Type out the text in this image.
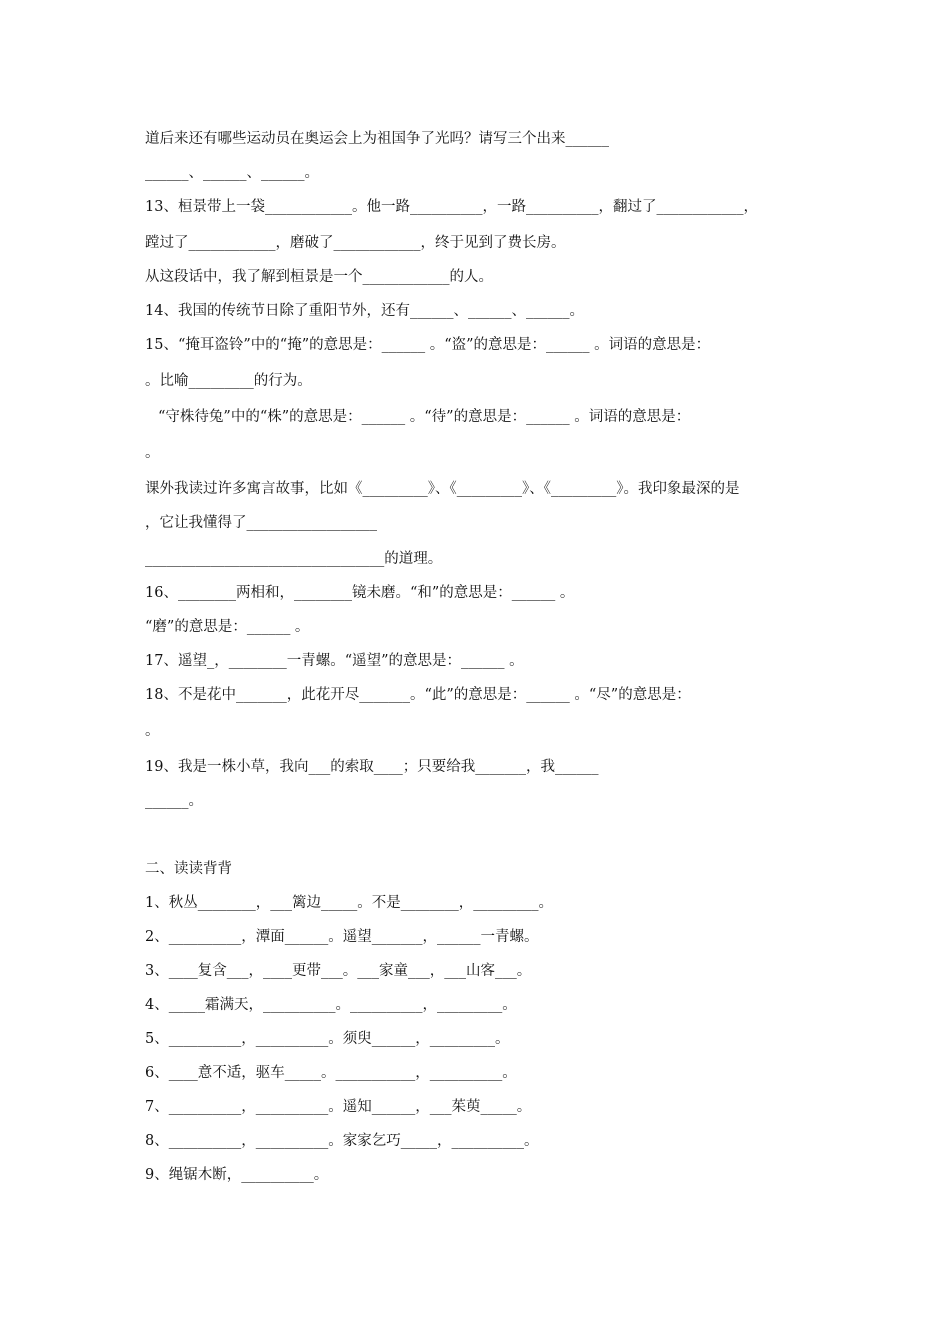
道后来还有哪些运动员在奥运会上为祖国争了光吗？请写三个出来______
______、______、______。
13、桓景带上一袋____________。他一路__________，一路__________，翻过了____________，
蹚过了____________，磨破了____________，终于见到了费长房。
从这段话中，我了解到桓景是一个____________的人。
14、我国的传统节日除了重阳节外，还有______、______、______。
15、“掩耳盗铃”中的“掩”的意思是：______ 。“盗”的意思是：______ 。词语的意思是：
。比喻_________的行为。
“守株待兔”中的“株”的意思是：______ 。“待”的意思是：______ 。词语的意思是：
。
课外我读过许多寓言故事，比如《_________》、《_________》、《_________》。我印象最深的是
，它让我懂得了__________________
_________________________________的道理。
16、________两相和，________镜未磨。“和”的意思是：______ 。
“磨”的意思是：______ 。
17、遥望_，________一青螺。“遥望”的意思是：______ 。
18、不是花中_______，此花开尽_______。“此”的意思是：______ 。“尽”的意思是：
。
19、我是一株小草，我向___的索取____；只要给我_______，我______
______。
二、读读背背
1、秋丛________，___篱边_____。不是________，_________。
2、__________，潭面______。遥望_______，______一青螺。
3、____复含___，____更带___。___家童___，___山客___。
4、_____霜满天，__________。__________，_________。
5、__________，__________。须臾______，_________。
6、____意不适，驱车_____。___________，__________。
7、__________，__________。遥知______，___茱萸_____。
8、__________，__________。家家乞巧_____，__________。
9、绳锯木断，__________。
